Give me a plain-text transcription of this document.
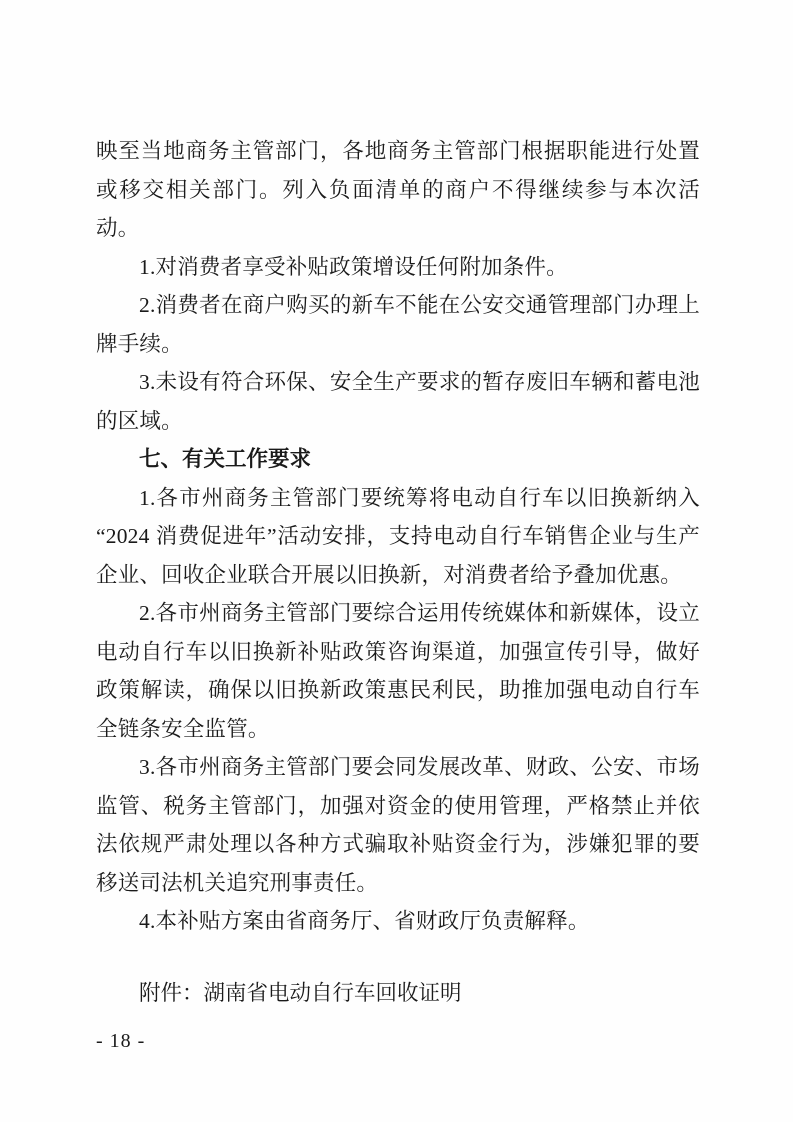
映至当地商务主管部门，各地商务主管部门根据职能进行处置或移交相关部门。列入负面清单的商户不得继续参与本次活动。

1.对消费者享受补贴政策增设任何附加条件。

2.消费者在商户购买的新车不能在公安交通管理部门办理上牌手续。

3.未设有符合环保、安全生产要求的暂存废旧车辆和蓄电池的区域。

七、有关工作要求

1.各市州商务主管部门要统筹将电动自行车以旧换新纳入“2024 消费促进年”活动安排，支持电动自行车销售企业与生产企业、回收企业联合开展以旧换新，对消费者给予叠加优惠。

2.各市州商务主管部门要综合运用传统媒体和新媒体，设立电动自行车以旧换新补贴政策咨询渠道，加强宣传引导，做好政策解读，确保以旧换新政策惠民利民，助推加强电动自行车全链条安全监管。

3.各市州商务主管部门要会同发展改革、财政、公安、市场监管、税务主管部门，加强对资金的使用管理，严格禁止并依法依规严肃处理以各种方式骗取补贴资金行为，涉嫌犯罪的要移送司法机关追究刑事责任。

4.本补贴方案由省商务厅、省财政厅负责解释。

附件：湖南省电动自行车回收证明

- 18 -
